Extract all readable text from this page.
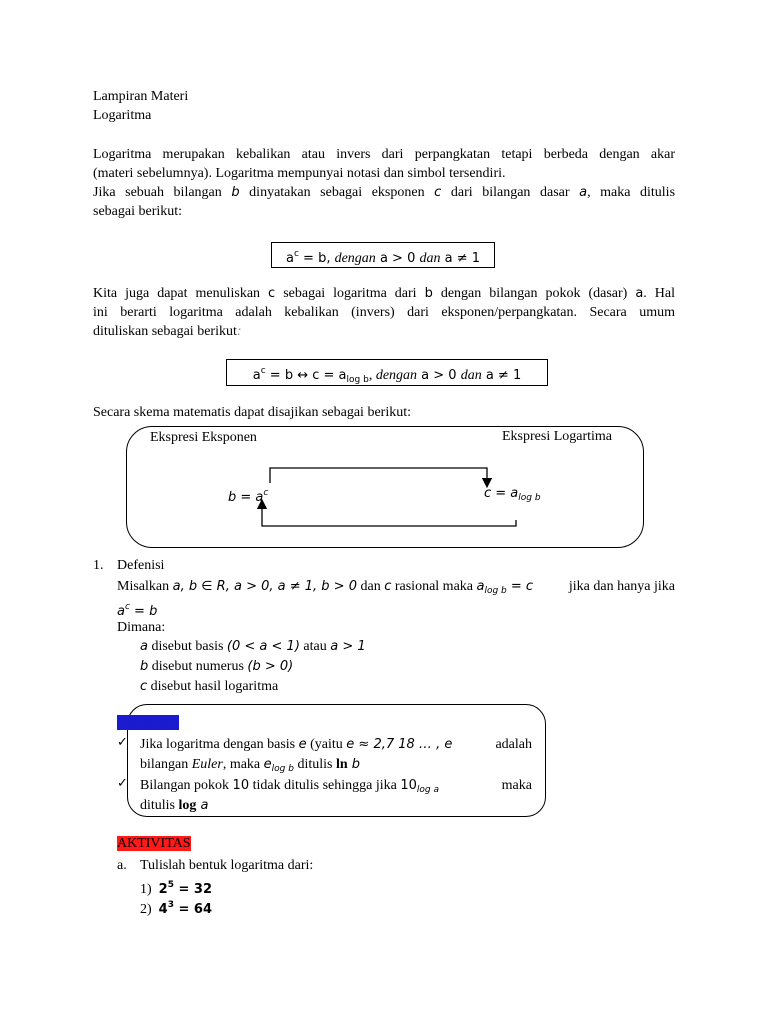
Lampiran Materi
Logaritma
Logaritma merupakan kebalikan atau invers dari perpangkatan tetapi berbeda dengan akar
(materi sebelumnya). Logaritma mempunyai notasi dan simbol tersendiri.
Jika sebuah bilangan b dinyatakan sebagai eksponen c dari bilangan dasar a, maka ditulis
sebagai berikut:
$a^c = b$, dengan a > 0 dan a ≠ 1
Kita juga dapat menuliskan c sebagai logaritma dari b dengan bilangan pokok (dasar) a. Hal
ini berarti logaritma adalah kebalikan (invers) dari eksponen/perpangkatan. Secara umum
dituliskan sebagai berikut:
$a^c = b$ ↔ $c = a_{log b}$, dengan a > 0 dan a ≠ 1
Secara skema matematis dapat disajikan sebagai berikut:
Ekspresi Eksponen	Ekspresi Logartima
$b = a^c$	$c = a_{log b}$
1. Defenisi
Misalkan a, b ∈ R, a > 0, a ≠ 1, b > 0 dan c rasional maka $a_{log b} = c$	jika dan hanya jika
$a^c = b$
Dimana:
a disebut basis (0 < a < 1) atau a > 1
b disebut numerus (b > 0)
c disebut hasil logaritma
CATATAN
✓ Jika logaritma dengan basis e (yaitu e ≈ 2,7 18 … , e	adalah
bilangan Euler, maka $e_{log b}$ ditulis ln b
✓ Bilangan pokok 10 tidak ditulis sehingga jika $10_{log a}$	maka
ditulis log a
AKTIVITAS
a. Tulislah bentuk logaritma dari:
1) $2^5 = 32$
2) $4^3 = 64$
